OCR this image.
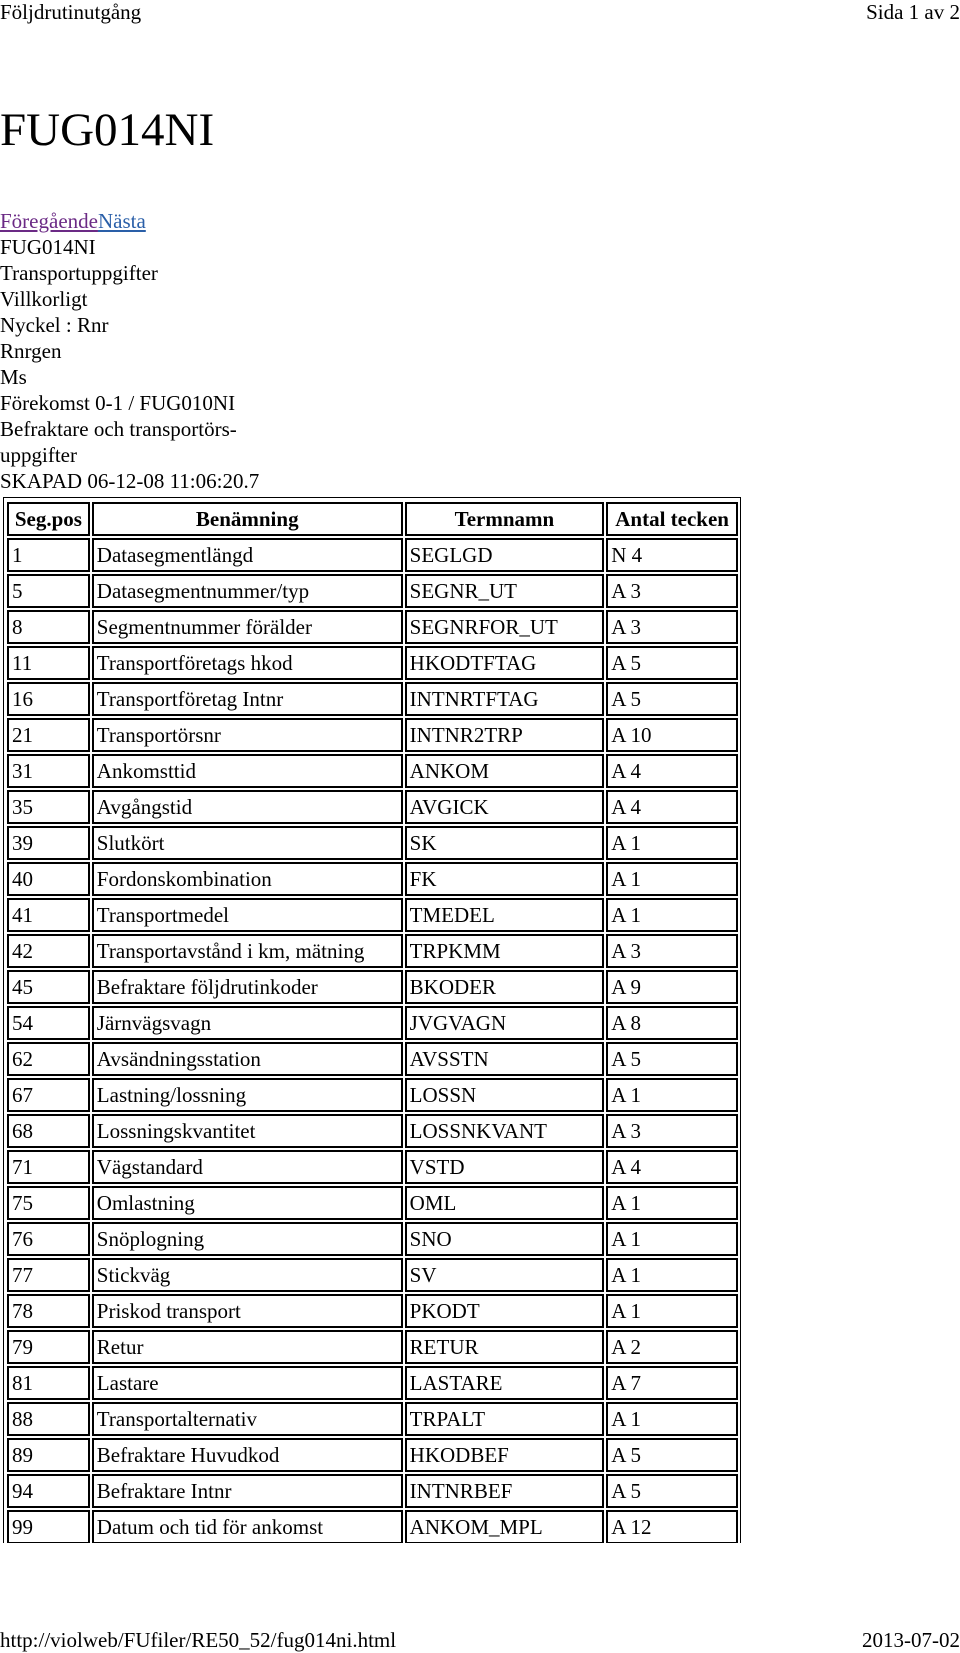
Följdrutinutgång	Sida 1 av 2
FUG014NI
FöregåendeNästa
FUG014NI
Transportuppgifter
Villkorligt
Nyckel : Rnr
Rnrgen
Ms
Förekomst 0-1 / FUG010NI
Befraktare och transportörs-
uppgifter
SKAPAD 06-12-08 11:06:20.7
Seg.pos	Benämning	Termnamn	Antal tecken
1	Datasegmentlängd	SEGLGD	N 4
5	Datasegmentnummer/typ	SEGNR_UT	A 3
8	Segmentnummer förälder	SEGNRFOR_UT	A 3
11	Transportföretags hkod	HKODTFTAG	A 5
16	Transportföretag Intnr	INTNRTFTAG	A 5
21	Transportörsnr	INTNR2TRP	A 10
31	Ankomsttid	ANKOM	A 4
35	Avgångstid	AVGICK	A 4
39	Slutkört	SK	A 1
40	Fordonskombination	FK	A 1
41	Transportmedel	TMEDEL	A 1
42	Transportavstånd i km, mätning	TRPKMM	A 3
45	Befraktare följdrutinkoder	BKODER	A 9
54	Järnvägsvagn	JVGVAGN	A 8
62	Avsändningsstation	AVSSTN	A 5
67	Lastning/lossning	LOSSN	A 1
68	Lossningskvantitet	LOSSNKVANT	A 3
71	Vägstandard	VSTD	A 4
75	Omlastning	OML	A 1
76	Snöplogning	SNO	A 1
77	Stickväg	SV	A 1
78	Priskod transport	PKODT	A 1
79	Retur	RETUR	A 2
81	Lastare	LASTARE	A 7
88	Transportalternativ	TRPALT	A 1
89	Befraktare Huvudkod	HKODBEF	A 5
94	Befraktare Intnr	INTNRBEF	A 5
99	Datum och tid för ankomst	ANKOM_MPL	A 12

http://violweb/FUfiler/RE50_52/fug014ni.html	2013-07-02
